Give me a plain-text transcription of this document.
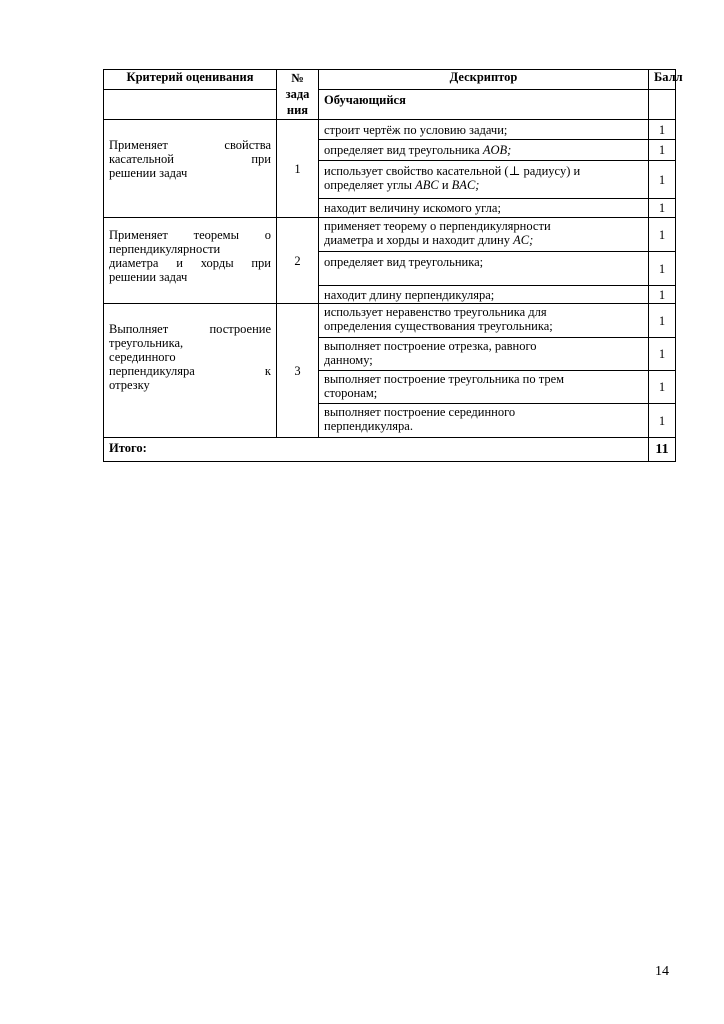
Критерий оценивания	№
зада
ния	Дескриптор	Балл
		Обучающийся	

Применяет свойства
касательной при
решении задач	1	строит чертёж по условию задачи;	1
		определяет вид треугольника AOB;	1
		использует свойство касательной (⊥ радиусу) и
определяет углы ABC и BAC;	1
		находит величину искомого угла;	1

Применяет теоремы о
перпендикулярности

диаметра и хорды при
решении задач	2	применяет теорему о перпендикулярности
диаметра и хорды и находит длину AC;	1
		определяет вид треугольника;	1
		находит длину перпендикуляра;	1

Выполняет построение
треугольника,
серединного

перпендикуляра к
отрезку	3	использует неравенство треугольника для
определения существования треугольника;	1
		выполняет построение отрезка, равного
данному;	1
		выполняет построение треугольника по трем
сторонам;	1
		выполняет построение серединного
перпендикуляра.	1
Итого:			11
14
